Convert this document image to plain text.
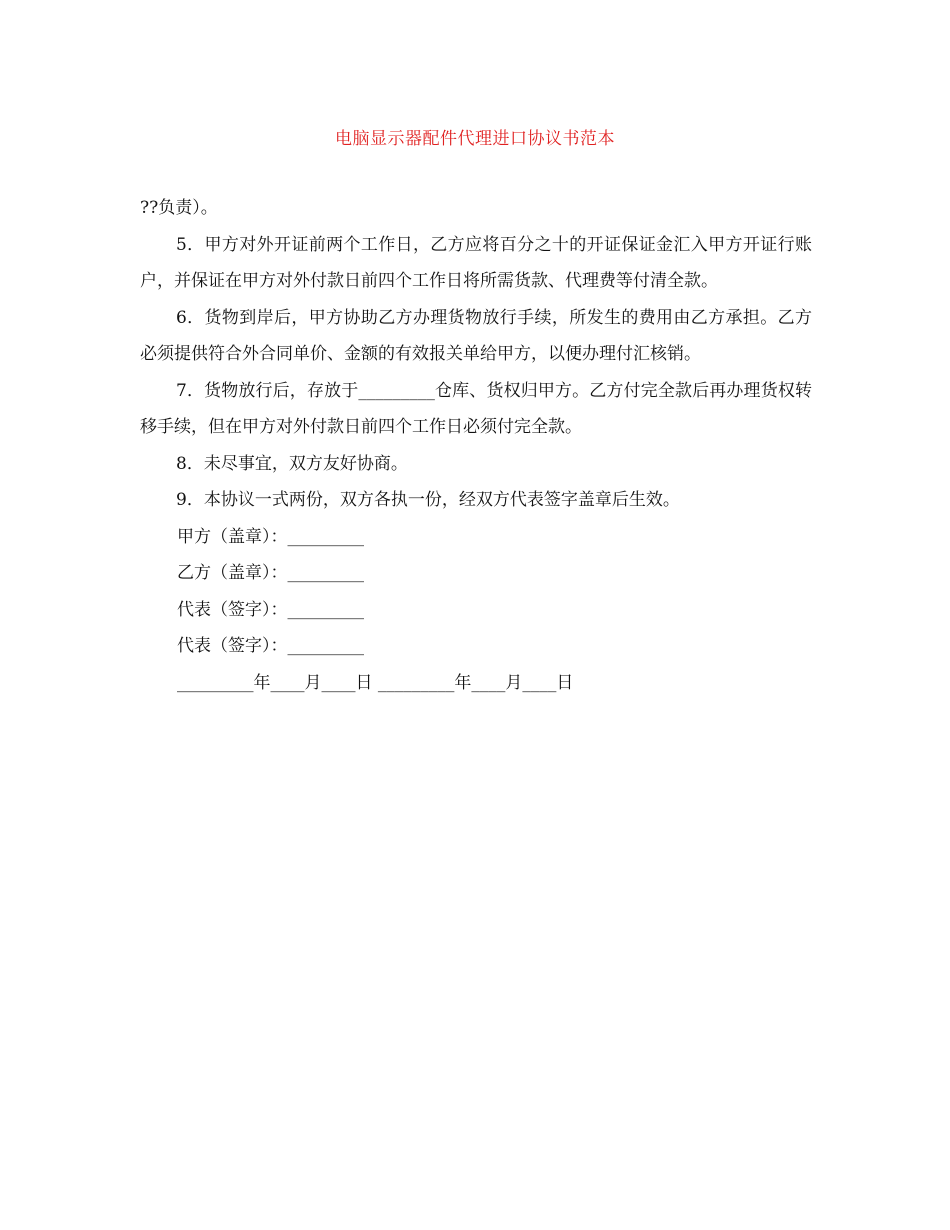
电脑显示器配件代理进口协议书范本

??负责）。

5．甲方对外开证前两个工作日，乙方应将百分之十的开证保证金汇入甲方开证行账户，并保证在甲方对外付款日前四个工作日将所需货款、代理费等付清全款。

6．货物到岸后，甲方协助乙方办理货物放行手续，所发生的费用由乙方承担。乙方必须提供符合外合同单价、金额的有效报关单给甲方，以便办理付汇核销。

7．货物放行后，存放于_________仓库、货权归甲方。乙方付完全款后再办理货权转移手续，但在甲方对外付款日前四个工作日必须付完全款。

8．未尽事宜，双方友好协商。

9．本协议一式两份，双方各执一份，经双方代表签字盖章后生效。

甲方（盖章）：_________

乙方（盖章）：_________

代表（签字）：_________

代表（签字）：_________

_________年____月____日 _________年____月____日
